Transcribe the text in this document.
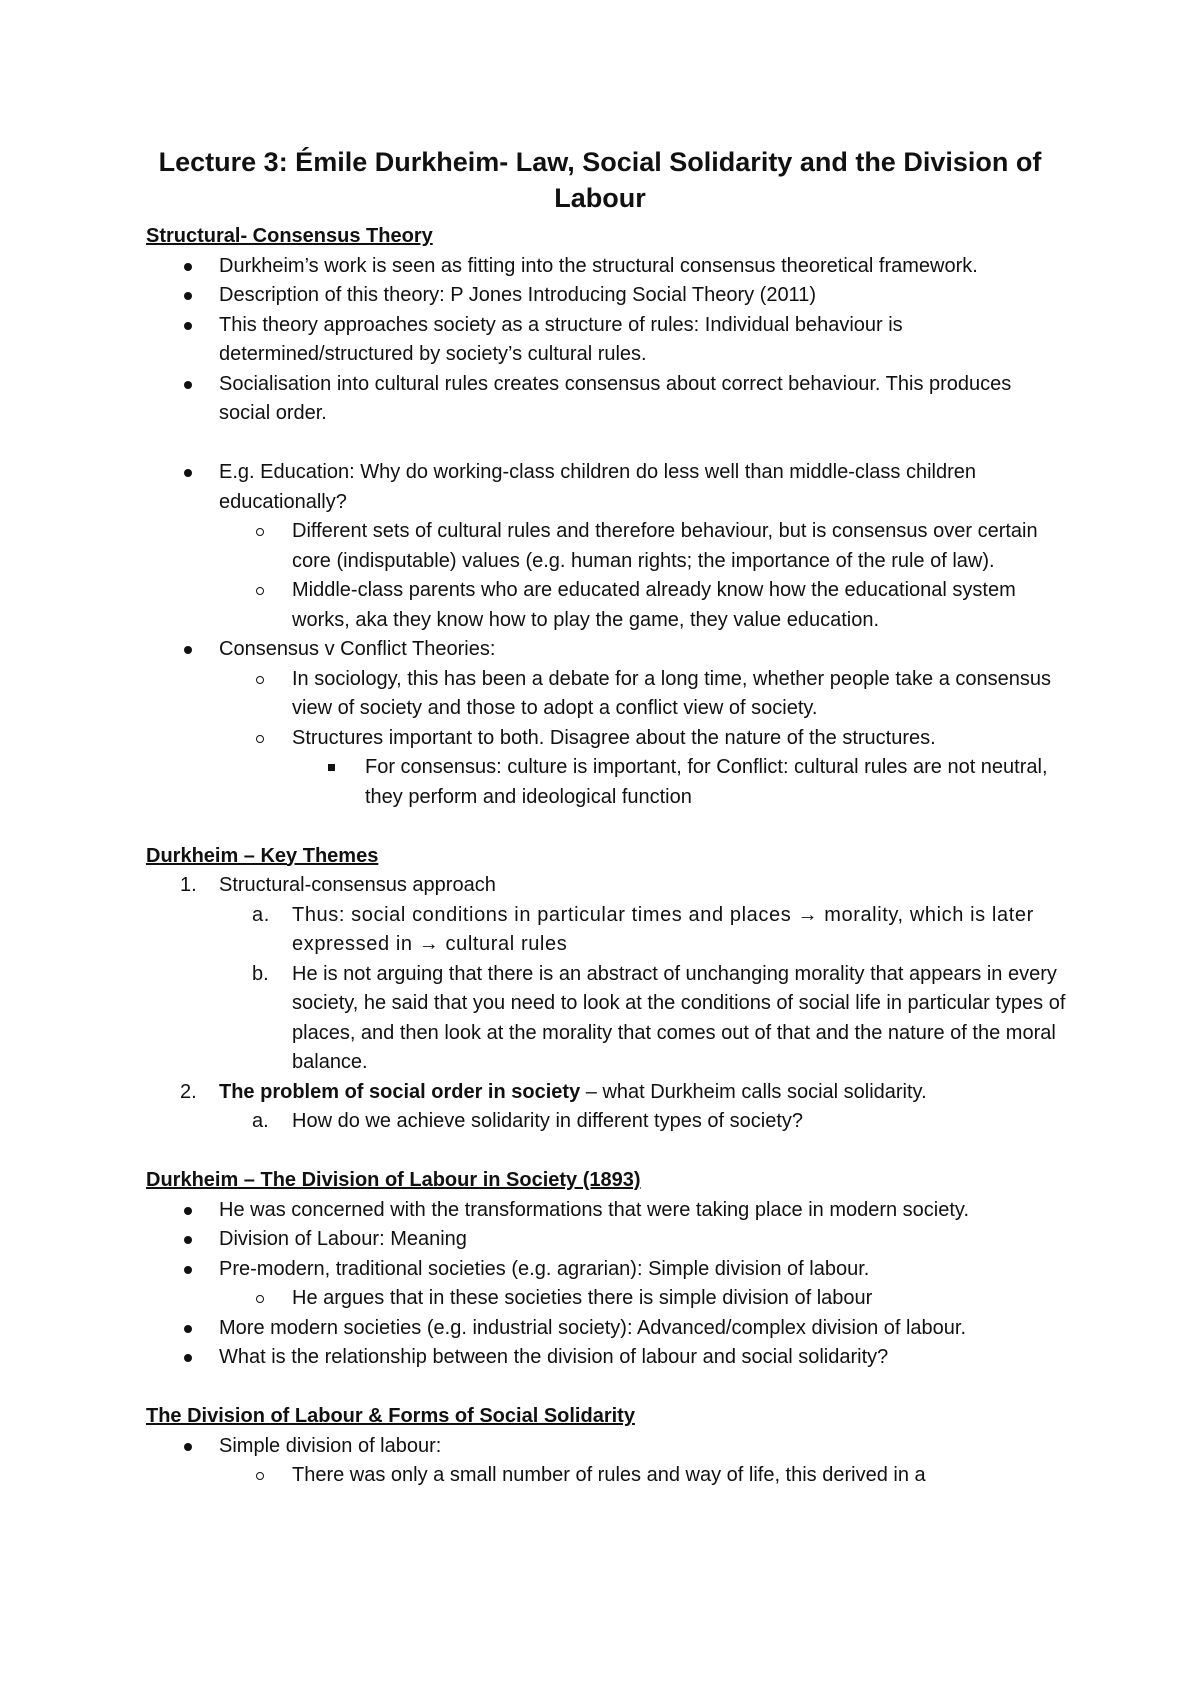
Lecture 3: Émile Durkheim- Law, Social Solidarity and the Division of Labour

Structural- Consensus Theory

Durkheim’s work is seen as fitting into the structural consensus theoretical framework.
Description of this theory: P Jones Introducing Social Theory (2011)
This theory approaches society as a structure of rules: Individual behaviour is determined/structured by society’s cultural rules.
Socialisation into cultural rules creates consensus about correct behaviour. This produces social order.
E.g. Education: Why do working-class children do less well than middle-class children educationally?
Different sets of cultural rules and therefore behaviour, but is consensus over certain core (indisputable) values (e.g. human rights; the importance of the rule of law).
Middle-class parents who are educated already know how the educational system works, aka they know how to play the game, they value education.
Consensus v Conflict Theories:
In sociology, this has been a debate for a long time, whether people take a consensus view of society and those to adopt a conflict view of society.
Structures important to both. Disagree about the nature of the structures.
For consensus: culture is important, for Conflict: cultural rules are not neutral, they perform and ideological function

Durkheim – Key Themes

1. Structural-consensus approach
a. Thus: social conditions in particular times and places → morality, which is later expressed in → cultural rules
b. He is not arguing that there is an abstract of unchanging morality that appears in every society, he said that you need to look at the conditions of social life in particular types of places, and then look at the morality that comes out of that and the nature of the moral balance.
2. The problem of social order in society – what Durkheim calls social solidarity.
a. How do we achieve solidarity in different types of society?

Durkheim – The Division of Labour in Society (1893)

He was concerned with the transformations that were taking place in modern society.
Division of Labour: Meaning
Pre-modern, traditional societies (e.g. agrarian): Simple division of labour.
He argues that in these societies there is simple division of labour
More modern societies (e.g. industrial society): Advanced/complex division of labour.
What is the relationship between the division of labour and social solidarity?

The Division of Labour & Forms of Social Solidarity

Simple division of labour:
There was only a small number of rules and way of life, this derived in a
